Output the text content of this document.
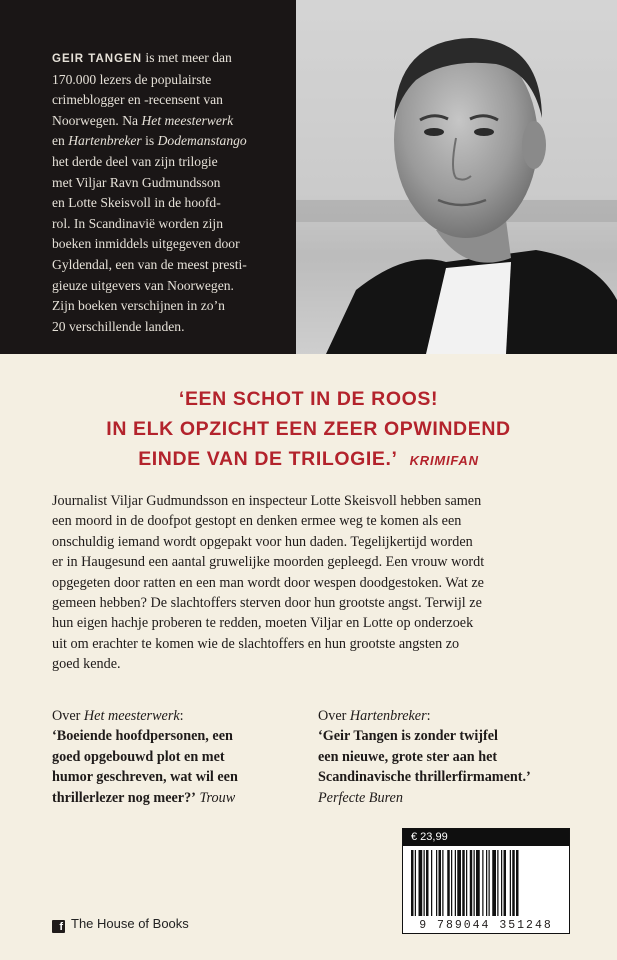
GEIR TANGEN is met meer dan
170.000 lezers de populairste
crimeblogger en -recensent van
Noorwegen. Na Het meesterwerk
en Hartenbreker is Dodemanstango
het derde deel van zijn trilogie
met Viljar Ravn Gudmundsson
en Lotte Skeisvoll in de hoofd-
rol. In Scandinavië worden zijn
boeken inmiddels uitgegeven door
Gyldendal, een van de meest presti-
gieuze uitgevers van Noorwegen.
Zijn boeken verschijnen in zo’n
20 verschillende landen.
‘EEN SCHOT IN DE ROOS!
IN ELK OPZICHT EEN ZEER OPWINDEND
EINDE VAN DE TRILOGIE.’ KRIMIFAN
Journalist Viljar Gudmundsson en inspecteur Lotte Skeisvoll hebben samen
een moord in de doofpot gestopt en denken ermee weg te komen als een
onschuldig iemand wordt opgepakt voor hun daden. Tegelijkertijd worden
er in Haugesund een aantal gruwelijke moorden gepleegd. Een vrouw wordt
opgegeten door ratten en een man wordt door wespen doodgestoken. Wat ze
gemeen hebben? De slachtoffers sterven door hun grootste angst. Terwijl ze
hun eigen hachje proberen te redden, moeten Viljar en Lotte op onderzoek
uit om erachter te komen wie de slachtoffers en hun grootste angsten zo
goed kende.
Over Het meesterwerk:
‘Boeiende hoofdpersonen, een
goed opgebouwd plot en met
humor geschreven, wat wil een
thrillerlezer nog meer?’ Trouw
Over Hartenbreker:
‘Geir Tangen is zonder twijfel
een nieuwe, grote ster aan het
Scandinavische thrillerfirmament.’
Perfecte Buren
€ 23,99
9 789044 351248
f The House of Books
